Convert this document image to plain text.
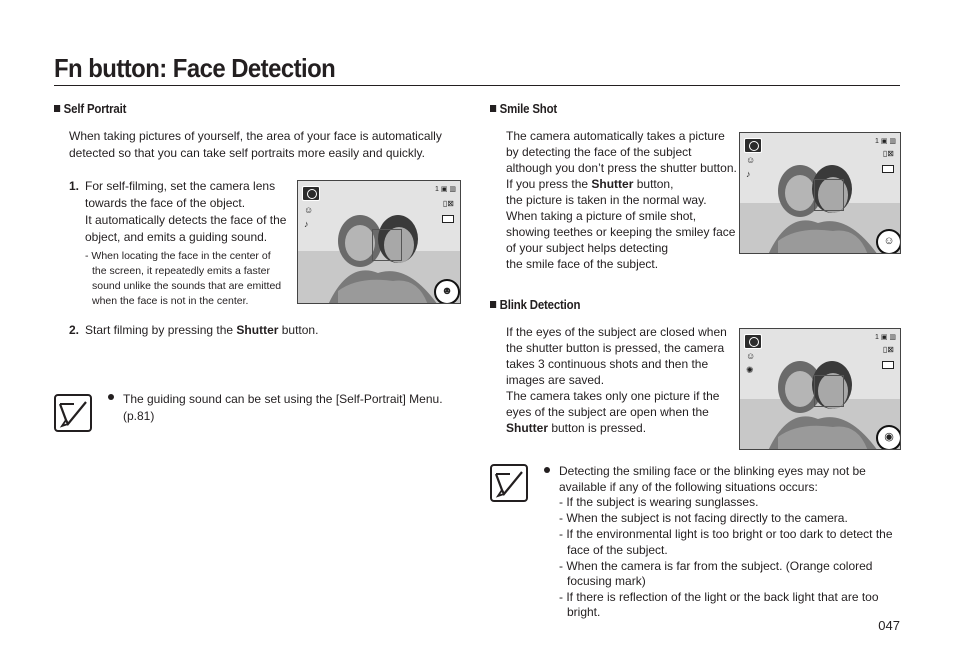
Fn button: Face Detection
Self Portrait
When taking pictures of yourself, the area of your face is automatically
detected so that you can take self portraits more easily and quickly.
1. For self-filming, set the camera lens
towards the face of the object.
It automatically detects the face of the
object, and emits a guiding sound.
- When locating the face in the center of
the screen, it repeatedly emits a faster
sound unlike the sounds that are emitted
when the face is not in the center.
2. Start filming by pressing the Shutter button.
☺
♪
1 ▣ ▥
▯⊠
☻
The guiding sound can be set using the [Self-Portrait] Menu.
(p.81)
Smile Shot
The camera automatically takes a picture
by detecting the face of the subject
although you don’t press the shutter button.
If you press the Shutter button,
the picture is taken in the normal way.
When taking a picture of smile shot,
showing teethes or keeping the smiley face
of your subject helps detecting
the smile face of the subject.
☺
♪
1 ▣ ▥
▯⊠
☺
Blink Detection
If the eyes of the subject are closed when
the shutter button is pressed, the camera
takes 3 continuous shots and then the
images are saved.
The camera takes only one picture if the
eyes of the subject are open when the
Shutter button is pressed.
☺
✺
1 ▣ ▥
▯⊠
◉
Detecting the smiling face or the blinking eyes may not be
available if any of the following situations occurs:
- If the subject is wearing sunglasses.
- When the subject is not facing directly to the camera.
- If the environmental light is too bright or too dark to detect the
face of the subject.
- When the camera is far from the subject. (Orange colored
focusing mark)
- If there is reflection of the light or the back light that are too
bright.
047
